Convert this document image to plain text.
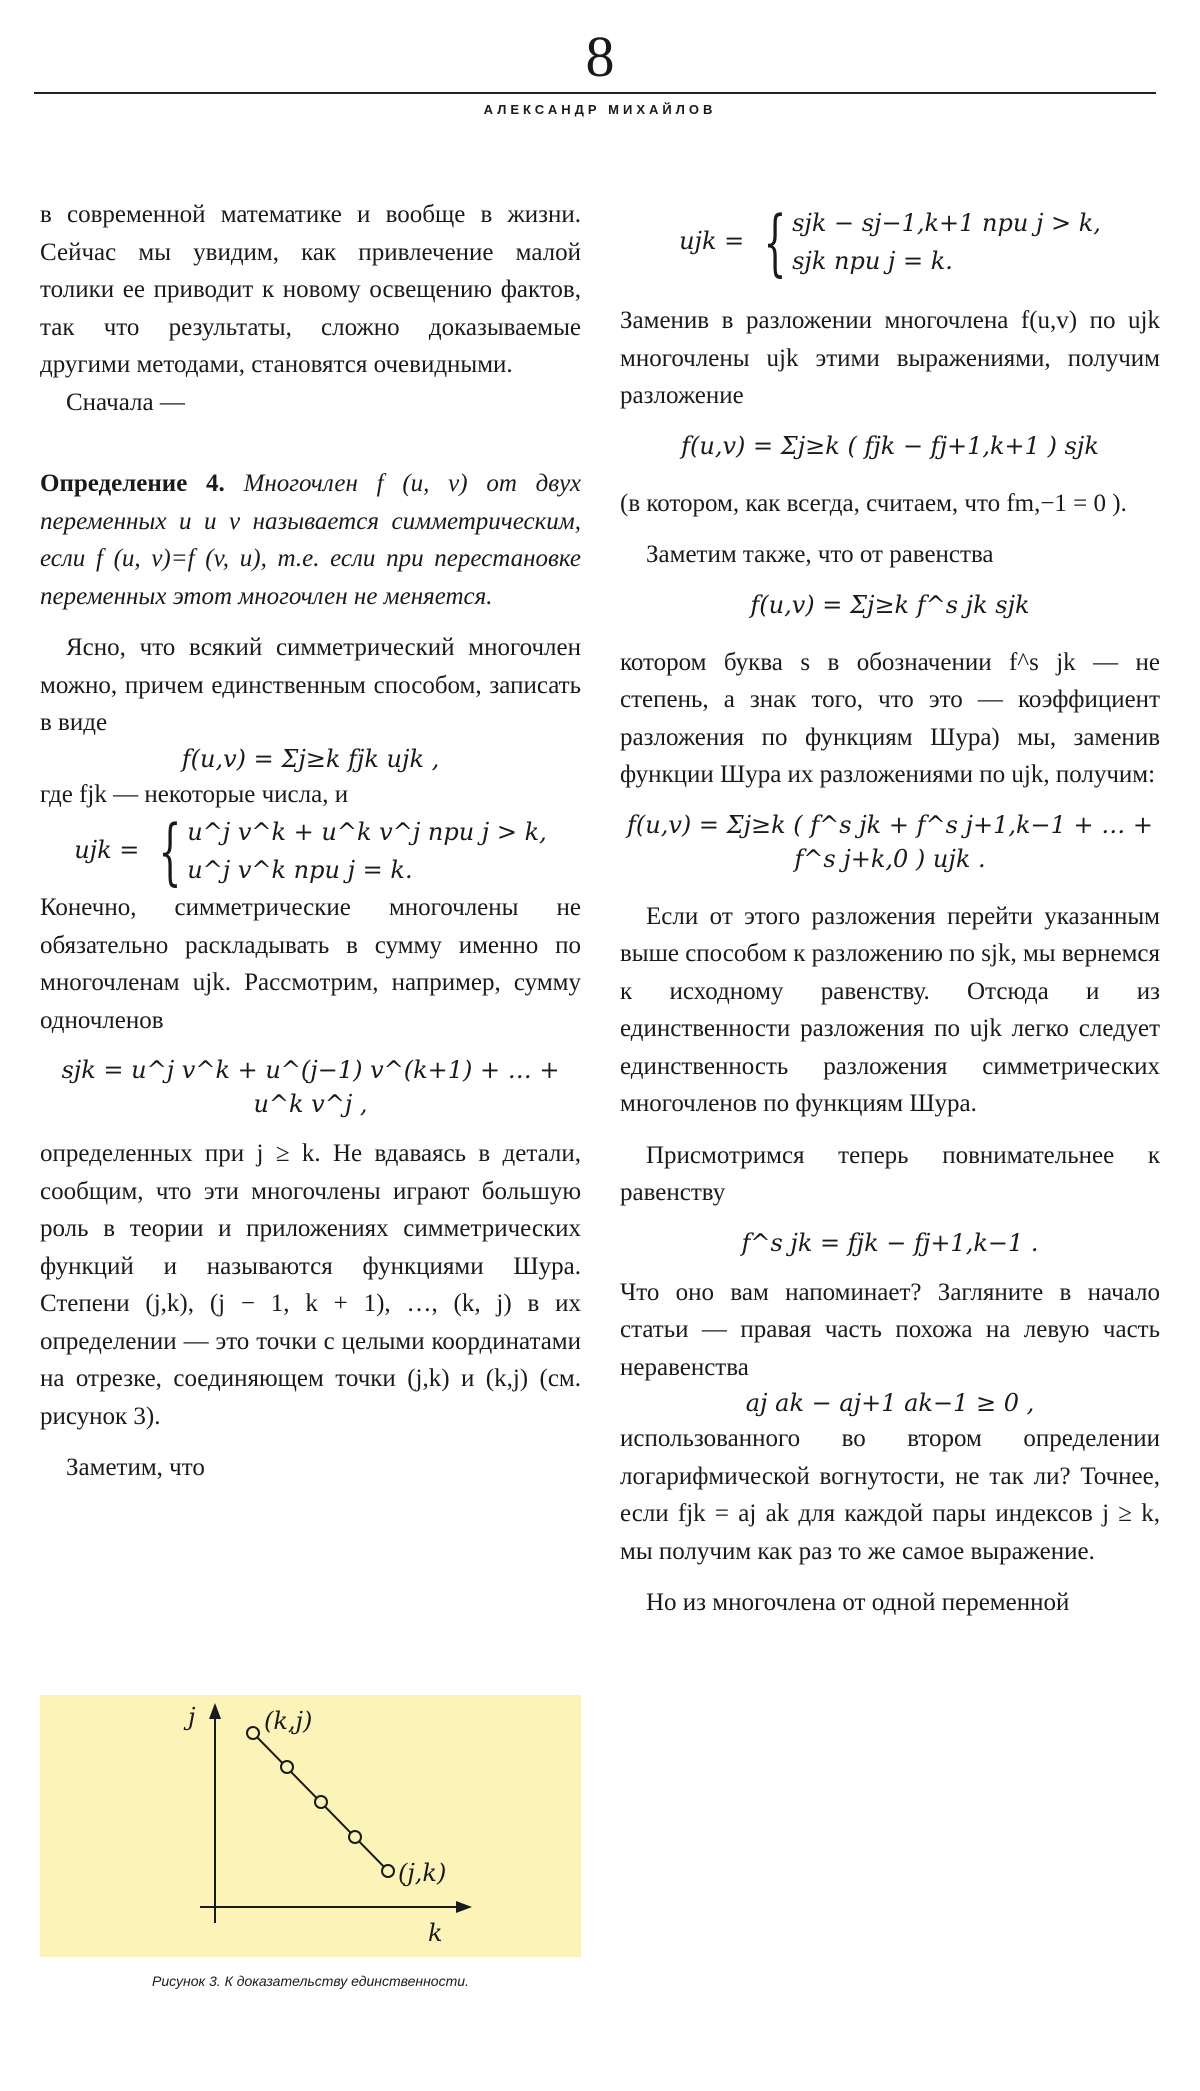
8
АЛЕКСАНДР МИХАЙЛОВ

в современной математике и вообще в жизни. Сейчас мы увидим, как привлечение малой толики ее приводит к новому освещению фактов, так что результаты, сложно доказываемые другими методами, становятся очевидными.

Сначала —

Определение 4. Многочлен f (u, v) от двух переменных u и v называется симметрическим, если f (u, v)=f (v, u), т.е. если при перестановке переменных этот многочлен не меняется.

Ясно, что всякий симметрический многочлен можно, причем единственным способом, записать в виде

f(u,v) = Σj≥k fjk ujk ,

где fjk — некоторые числа, и

ujk = { u^j v^k + u^k v^j при j > k,
u^j v^k при j = k.

Конечно, симметрические многочлены не обязательно раскладывать в сумму именно по многочленам ujk. Рассмотрим, например, сумму одночленов

sjk = u^j v^k + u^(j−1) v^(k+1) + … + u^k v^j ,

определенных при j ≥ k. Не вдаваясь в детали, сообщим, что эти многочлены играют большую роль в теории и приложениях симметрических функций и называются функциями Шура. Степени (j,k), (j − 1, k + 1), …, (k, j) в их определении — это точки с целыми координатами на отрезке, соединяющем точки (j,k) и (k,j) (см. рисунок 3).

Заметим, что

j
k
(k,j)
(j,k)
Рисунок 3. К доказательству единственности.
ujk = { sjk − sj−1,k+1 при j > k,
sjk при j = k.

Заменив в разложении многочлена f(u,v) по ujk многочлены ujk этими выражениями, получим разложение

f(u,v) = Σj≥k ( fjk − fj+1,k+1 ) sjk

(в котором, как всегда, считаем, что fm,−1 = 0 ).

Заметим также, что от равенства

f(u,v) = Σj≥k f^s jk sjk

котором буква s в обозначении f^s jk — не степень, а знак того, что это — коэффициент разложения по функциям Шура) мы, заменив функции Шура их разложениями по ujk, получим:

f(u,v) = Σj≥k ( f^s jk + f^s j+1,k−1 + … + f^s j+k,0 ) ujk .

Если от этого разложения перейти указанным выше способом к разложению по sjk, мы вернемся к исходному равенству. Отсюда и из единственности разложения по ujk легко следует единственность разложения симметрических многочленов по функциям Шура.

Присмотримся теперь повнимательнее к равенству

f^s jk = fjk − fj+1,k−1 .

Что оно вам напоминает? Загляните в начало статьи — правая часть похожа на левую часть неравенства

aj ak − aj+1 ak−1 ≥ 0 ,

использованного во втором определении логарифмической вогнутости, не так ли? Точнее, если fjk = aj ak для каждой пары индексов j ≥ k, мы получим как раз то же самое выражение.

Но из многочлена от одной переменной
